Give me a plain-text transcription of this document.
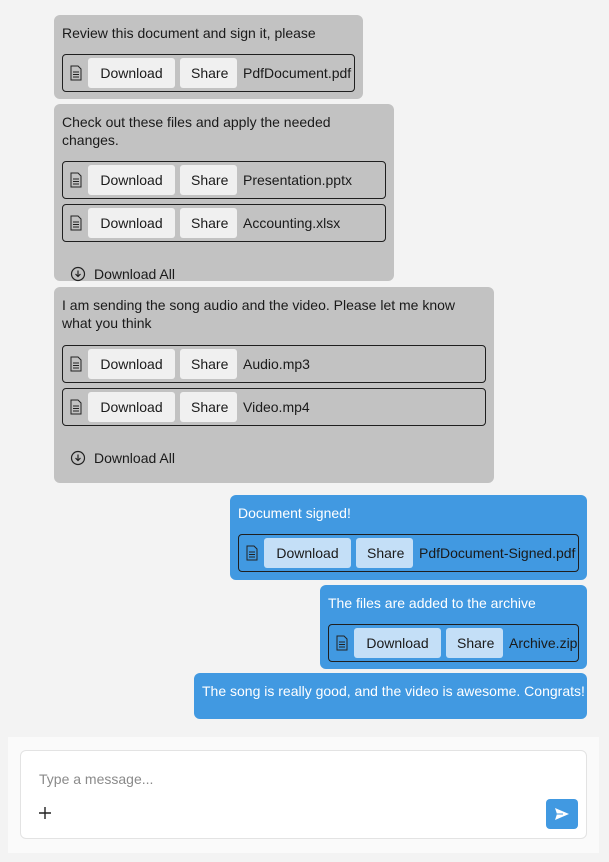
Review this document and sign it, please
Download	Share	PdfDocument.pdf
Check out these files and apply the needed changes.
Download	Share	Presentation.pptx
Download	Share	Accounting.xlsx
Download All
I am sending the song audio and the video. Please let me know what you think
Download	Share	Audio.mp3
Download	Share	Video.mp4
Download All
Document signed!
Download	Share	PdfDocument-Signed.pdf
The files are added to the archive
Download	Share	Archive.zip
The song is really good, and the video is awesome. Congrats!
Type a message...
